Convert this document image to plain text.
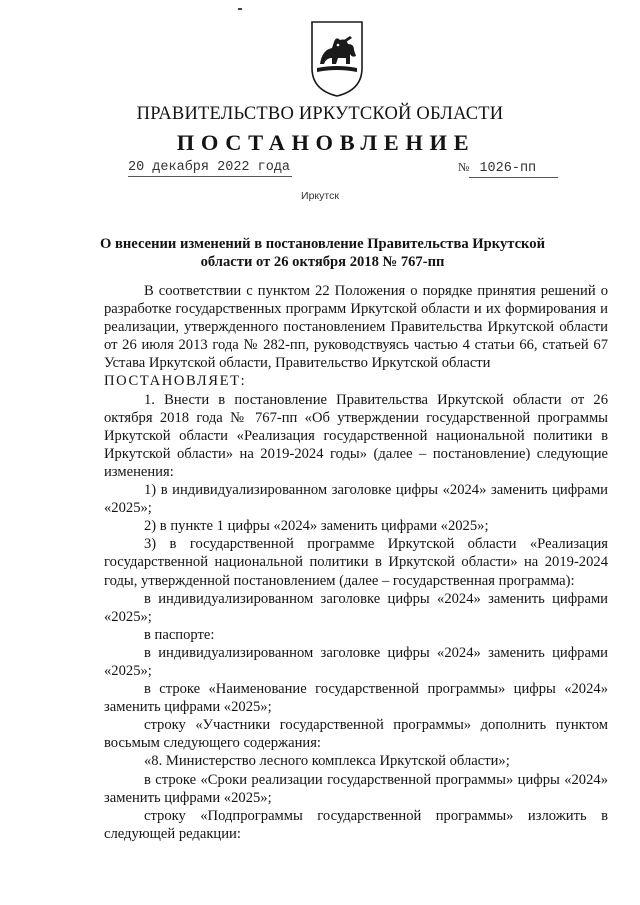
ПРАВИТЕЛЬСТВО ИРКУТСКОЙ ОБЛАСТИ
ПОСТАНОВЛЕНИЕ
20 декабря 2022 года	№ 1026-пп
Иркутск
О внесении изменений в постановление Правительства Иркутской
области от 26 октября 2018 № 767-пп

В соответствии с пунктом 22 Положения о порядке принятия решений о разработке государственных программ Иркутской области и их формирования и реализации, утвержденного постановлением Правительства Иркутской области от 26 июля 2013 года № 282-пп, руководствуясь частью 4 статьи 66, статьей 67 Устава Иркутской области, Правительство Иркутской области

ПОСТАНОВЛЯЕТ:

1. Внести в постановление Правительства Иркутской области от 26 октября 2018 года № 767-пп «Об утверждении государственной программы Иркутской области «Реализация государственной национальной политики в Иркутской области» на 2019-2024 годы» (далее – постановление) следующие изменения:

1) в индивидуализированном заголовке цифры «2024» заменить цифрами «2025»;

2) в пункте 1 цифры «2024» заменить цифрами «2025»;

3) в государственной программе Иркутской области «Реализация государственной национальной политики в Иркутской области» на 2019-2024 годы, утвержденной постановлением (далее – государственная программа):

в индивидуализированном заголовке цифры «2024» заменить цифрами «2025»;

в паспорте:

в индивидуализированном заголовке цифры «2024» заменить цифрами «2025»;

в строке «Наименование государственной программы» цифры «2024» заменить цифрами «2025»;

строку «Участники государственной программы» дополнить пунктом восьмым следующего содержания:

«8. Министерство лесного комплекса Иркутской области»;

в строке «Сроки реализации государственной программы» цифры «2024» заменить цифрами «2025»;

строку «Подпрограммы государственной программы» изложить в следующей редакции:
